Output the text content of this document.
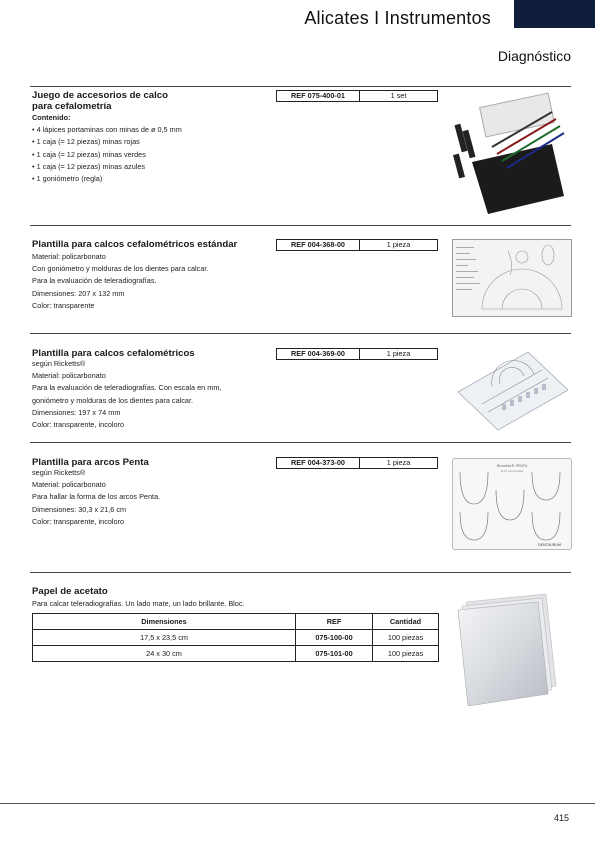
Alicates I Instrumentos
Diagnóstico
Juego de accesorios de calco
para cefalometría
REF 075-400-01	1 set
Contenido:
• 4 lápices portaminas con minas de ø 0,5 mm
• 1 caja (= 12 piezas) minas rojas
• 1 caja (= 12 piezas) minas verdes
• 1 caja (= 12 piezas) minas azules
• 1 goniómetro (regla)
Plantilla para calcos cefalométricos estándar	REF 004-368-00	1 pieza
Material: policarbonato
Con goniómetro y molduras de los dientes para calcar.
Para la evaluación de teleradiografías.
Dimensiones: 207 x 132 mm
Color: transparente
Plantilla para calcos cefalométricos	REF 004-369-00	1 pieza
según Ricketts®
Material: policarbonato
Para la evaluación de teleradiografías. Con escala en mm,
goniómetro y molduras de los dientes para calcar.
Dimensiones: 197 x 74 mm
Color: transparente, incoloro
Plantilla para arcos Penta	REF 004-373-00	1 pieza
según Ricketts®
Material: policarbonato
Para hallar la forma de los arcos Penta.
Dimensiones: 30,3 x 21,6 cm
Color: transparente, incoloro
Ricketts® PENTA
arch templates
DENTAURUM
Papel de acetato
Para calcar teleradiografías. Un lado mate, un lado brillante. Bloc.
Dimensiones	REF	Cantidad
17,5 x 23,5 cm	075-100-00	100 piezas
24 x 30 cm	075-101-00	100 piezas
415
